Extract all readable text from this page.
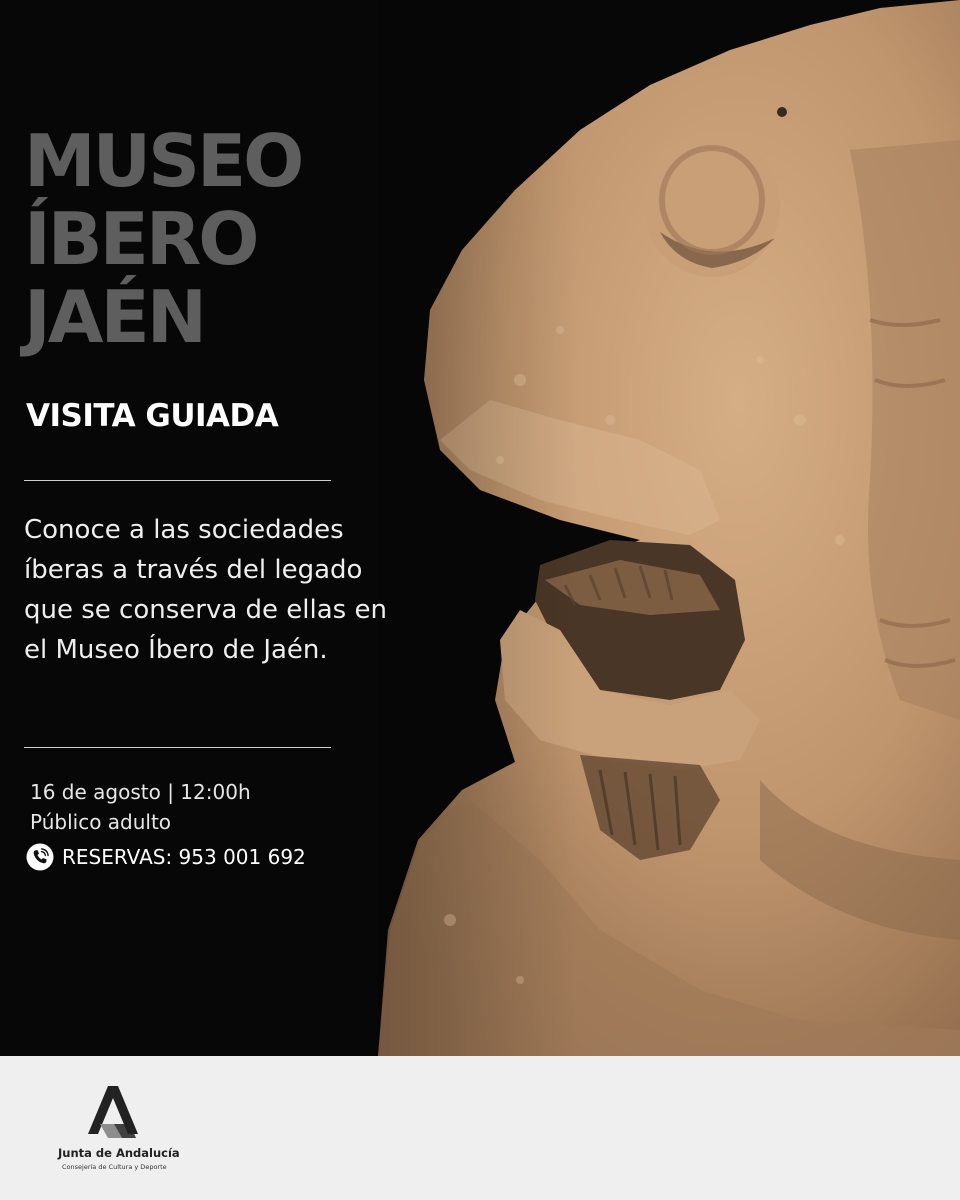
MUSEO
ÍBERO
JAÉN
VISITA GUIADA

Conoce a las sociedades íberas a través del legado que se conserva de ellas en el Museo Íbero de Jaén.

16 de agosto | 12:00h

Público adulto

RESERVAS: 953 001 692
Junta de Andalucía
Consejería de Cultura y Deporte
